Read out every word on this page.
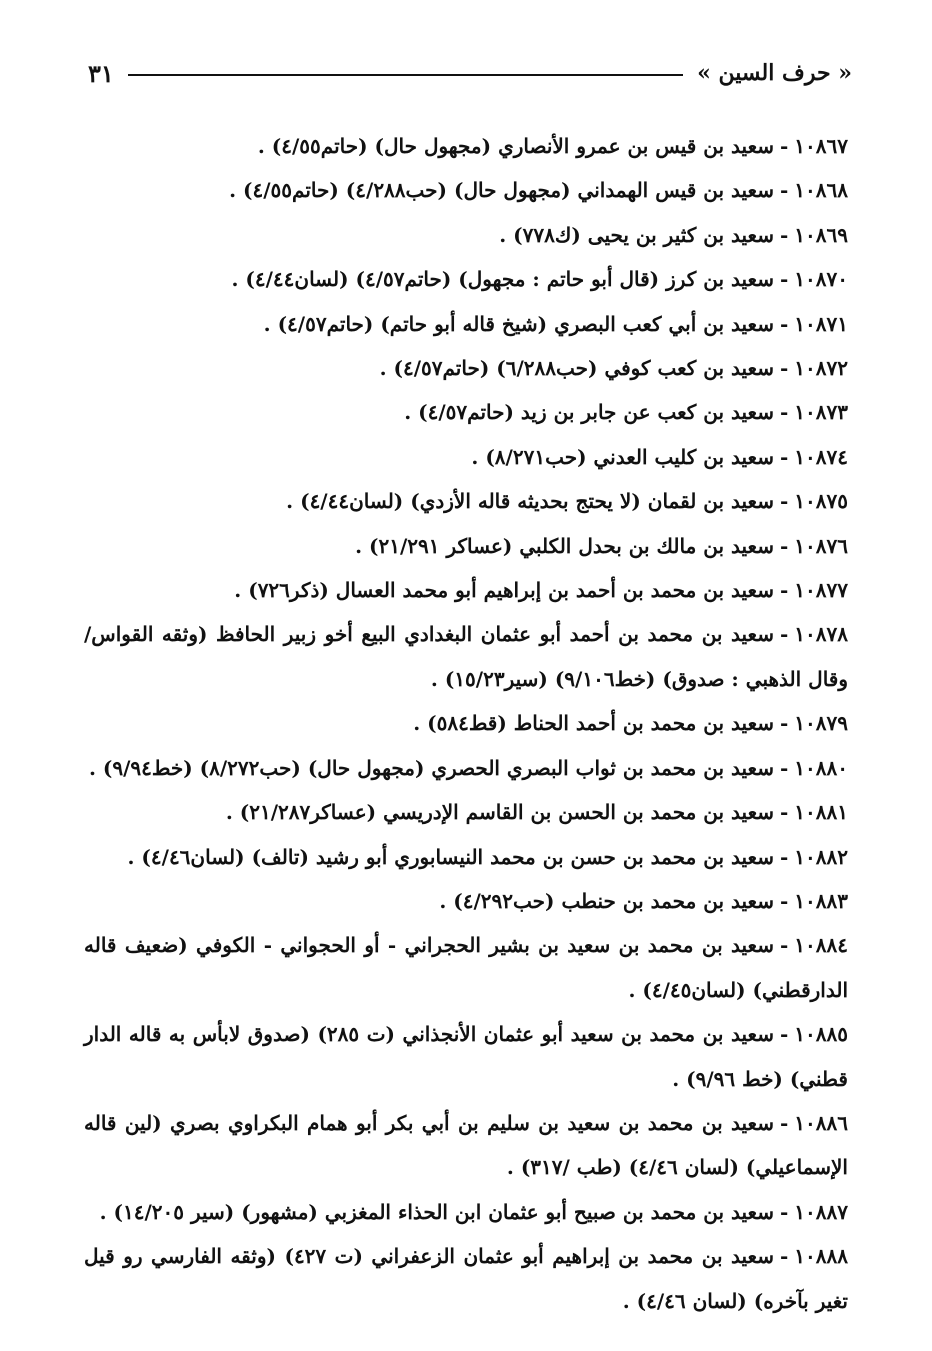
« حرف السين »
٣١

١٠٨٦٧-سعيد بن قيس بن عمرو الأنصاري (مجهول حال) (حاتم٤/٥٥) .

١٠٨٦٨-سعيد بن قيس الهمداني (مجهول حال) (حب٤/٢٨٨) (حاتم٤/٥٥) .

١٠٨٦٩-سعيد بن كثير بن يحيى (ك٧٧٨) .

١٠٨٧٠-سعيد بن كرز (قال أبو حاتم : مجهول) (حاتم٤/٥٧) (لسان٤/٤٤) .

١٠٨٧١-سعيد بن أبي كعب البصري (شيخ قاله أبو حاتم) (حاتم٤/٥٧) .

١٠٨٧٢-سعيد بن كعب كوفي (حب٦/٢٨٨) (حاتم٤/٥٧) .

١٠٨٧٣-سعيد بن كعب عن جابر بن زيد (حاتم٤/٥٧) .

١٠٨٧٤-سعيد بن كليب العدني (حب٨/٢٧١) .

١٠٨٧٥-سعيد بن لقمان (لا يحتج بحديثه قاله الأزدي) (لسان٤/٤٤) .

١٠٨٧٦-سعيد بن مالك بن بحدل الكلبي (عساكر ٢١/٢٩١) .

١٠٨٧٧-سعيد بن محمد بن أحمد بن إبراهيم أبو محمد العسال (ذكر٧٢٦) .

١٠٨٧٨-سعيد بن محمد بن أحمد أبو عثمان البغدادي البيع أخو زبير الحافظ (وثقه القواس/ وقال الذهبي : صدوق) (خط٩/١٠٦) (سير١٥/٢٣) .

١٠٨٧٩-سعيد بن محمد بن أحمد الحناط (قط٥٨٤) .

١٠٨٨٠-سعيد بن محمد بن ثواب البصري الحصري (مجهول حال) (حب٨/٢٧٢) (خط٩/٩٤) .

١٠٨٨١-سعيد بن محمد بن الحسن بن القاسم الإدريسي (عساكر٢١/٢٨٧) .

١٠٨٨٢-سعيد بن محمد بن حسن بن محمد النيسابوري أبو رشيد (تالف) (لسان٤/٤٦) .

١٠٨٨٣-سعيد بن محمد بن حنطب (حب٤/٢٩٢) .

١٠٨٨٤-سعيد بن محمد بن سعيد بن بشير الحجراني - أو الحجواني - الكوفي (ضعيف قاله الدارقطني) (لسان٤/٤٥) .

١٠٨٨٥-سعيد بن محمد بن سعيد أبو عثمان الأنجذاني (ت ٢٨٥) (صدوق لابأس به قاله الدار قطني) (خط ٩/٩٦) .

١٠٨٨٦-سعيد بن محمد بن سعيد بن سليم بن أبي بكر أبو همام البكراوي بصري (لين قاله الإسماعيلي) (لسان ٤/٤٦) (طب /٣١٧) .

١٠٨٨٧-سعيد بن محمد بن صبيح أبو عثمان ابن الحذاء المغزبي (مشهور) (سير ١٤/٢٠٥) .

١٠٨٨٨-سعيد بن محمد بن إبراهيم أبو عثمان الزعفراني (ت ٤٢٧) (وثقه الفارسي رو قيل تغير بآخره) (لسان ٤/٤٦) .
